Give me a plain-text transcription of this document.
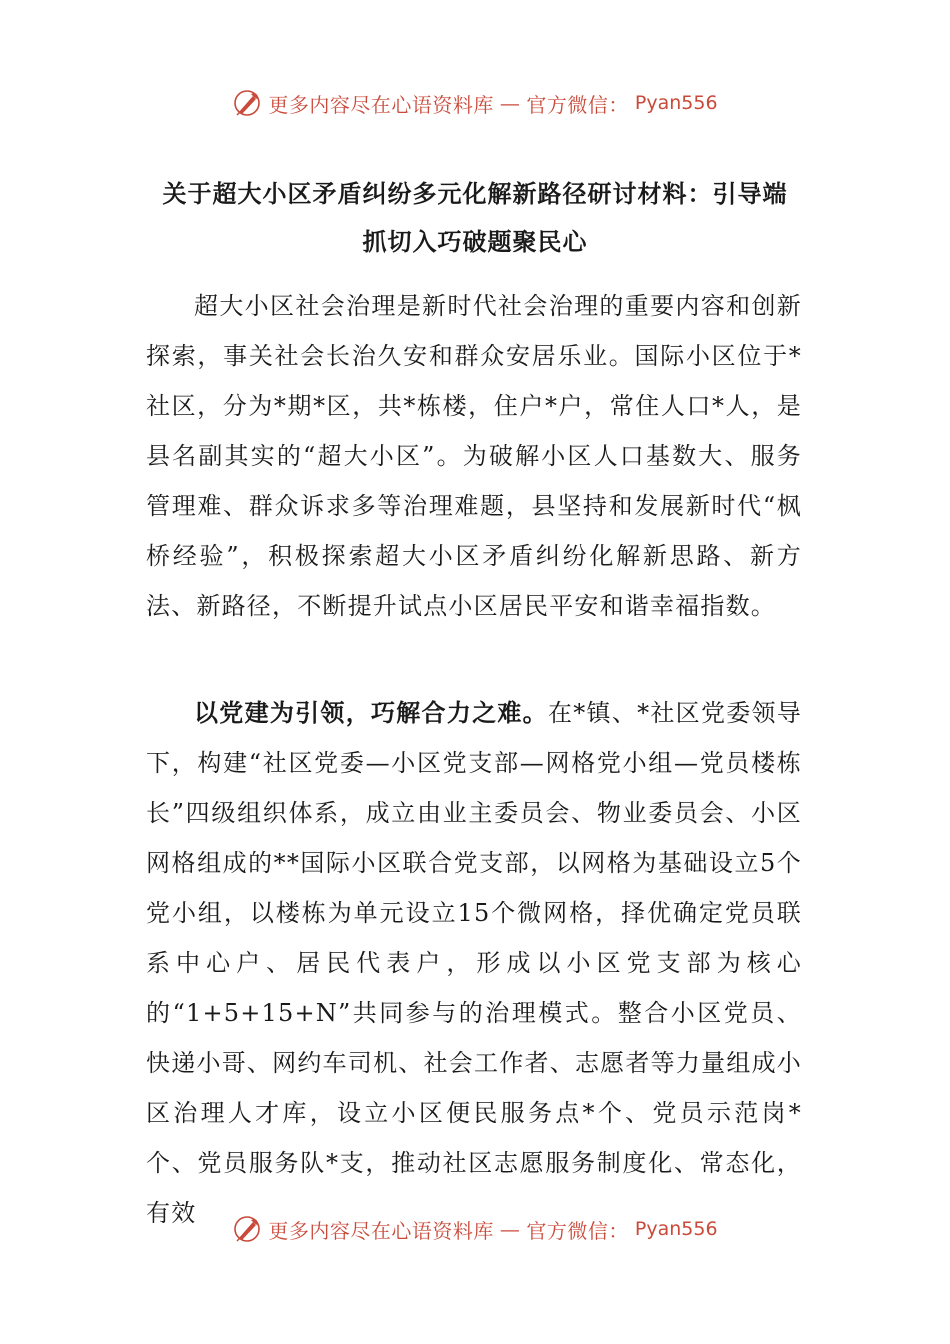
更多内容尽在心语资料库 — 官方微信： Pyan556
关于超大小区矛盾纠纷多元化解新路径研讨材料：引导端
抓切入巧破题聚民心

超大小区社会治理是新时代社会治理的重要内容和创新探索，事关社会长治久安和群众安居乐业。国际小区位于*社区，分为*期*区，共*栋楼，住户*户，常住人口*人，是县名副其实的“超大小区”。为破解小区人口基数大、服务管理难、群众诉求多等治理难题，县坚持和发展新时代“枫桥经验”，积极探索超大小区矛盾纠纷化解新思路、新方法、新路径，不断提升试点小区居民平安和谐幸福指数。

以党建为引领，巧解合力之难。在*镇、*社区党委领导下，构建“社区党委—小区党支部—网格党小组—党员楼栋长”四级组织体系，成立由业主委员会、物业委员会、小区网格组成的**国际小区联合党支部，以网格为基础设立5个党小组，以楼栋为单元设立15个微网格，择优确定党员联系中心户、居民代表户，形成以小区党支部为核心的“1+5+15+N”共同参与的治理模式。整合小区党员、快递小哥、网约车司机、社会工作者、志愿者等力量组成小区治理人才库，设立小区便民服务点*个、党员示范岗*个、党员服务队*支，推动社区志愿服务制度化、常态化，有效

更多内容尽在心语资料库 — 官方微信： Pyan556
